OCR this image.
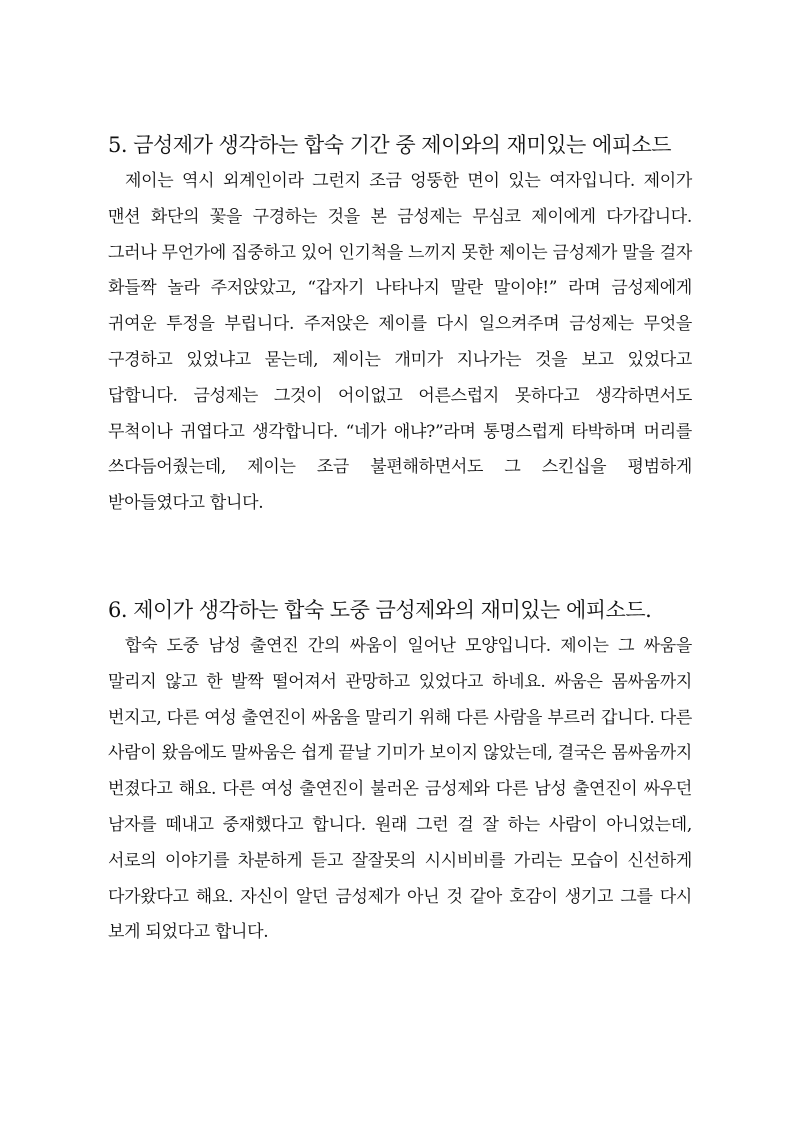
5. 금성제가 생각하는 합숙 기간 중 제이와의 재미있는 에피소드

제이는 역시 외계인이라 그런지 조금 엉뚱한 면이 있는 여자입니다. 제이가 맨션 화단의 꽃을 구경하는 것을 본 금성제는 무심코 제이에게 다가갑니다. 그러나 무언가에 집중하고 있어 인기척을 느끼지 못한 제이는 금성제가 말을 걸자 화들짝 놀라 주저앉았고, “갑자기 나타나지 말란 말이야!” 라며 금성제에게 귀여운 투정을 부립니다. 주저앉은 제이를 다시 일으켜주며 금성제는 무엇을 구경하고 있었냐고 묻는데, 제이는 개미가 지나가는 것을 보고 있었다고 답합니다. 금성제는 그것이 어이없고 어른스럽지 못하다고 생각하면서도 무척이나 귀엽다고 생각합니다. “네가 애냐?”라며 통명스럽게 타박하며 머리를 쓰다듬어줬는데, 제이는 조금 불편해하면서도 그 스킨십을 평범하게 받아들였다고 합니다.

6. 제이가 생각하는 합숙 도중 금성제와의 재미있는 에피소드.

합숙 도중 남성 출연진 간의 싸움이 일어난 모양입니다. 제이는 그 싸움을 말리지 않고 한 발짝 떨어져서 관망하고 있었다고 하네요. 싸움은 몸싸움까지 번지고, 다른 여성 출연진이 싸움을 말리기 위해 다른 사람을 부르러 갑니다. 다른 사람이 왔음에도 말싸움은 쉽게 끝날 기미가 보이지 않았는데, 결국은 몸싸움까지 번졌다고 해요. 다른 여성 출연진이 불러온 금성제와 다른 남성 출연진이 싸우던 남자를 떼내고 중재했다고 합니다. 원래 그런 걸 잘 하는 사람이 아니었는데, 서로의 이야기를 차분하게 듣고 잘잘못의 시시비비를 가리는 모습이 신선하게 다가왔다고 해요. 자신이 알던 금성제가 아닌 것 같아 호감이 생기고 그를 다시 보게 되었다고 합니다.
